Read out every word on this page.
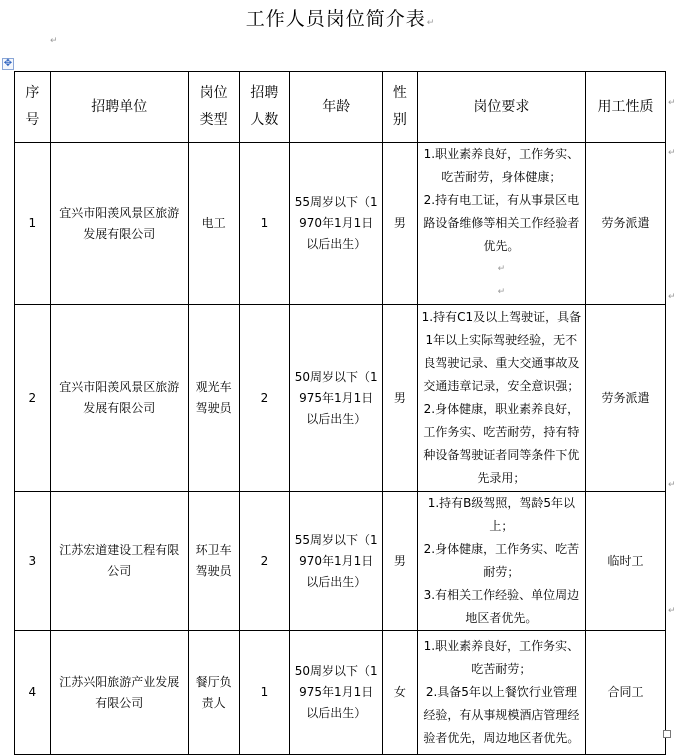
工作人员岗位简介表↵
↵
✥
序
号	招聘单位	岗位
类型	招聘
人数	年龄	性
别	岗位要求	用工性质
1	宜兴市阳羡风景区旅游发展有限公司	电工	1	55周岁以下（1970年1月1日以后出生）	男	1.职业素养良好，工作务实、吃苦耐劳，身体健康；
2.持有电工证，有从事景区电路设备维修等相关工作经验者优先。
↵
↵	劳务派遣
2	宜兴市阳羡风景区旅游发展有限公司	观光车驾驶员	2	50周岁以下（1975年1月1日以后出生）	男	1.持有C1及以上驾驶证，具备1年以上实际驾驶经验，无不良驾驶记录、重大交通事故及交通违章记录，安全意识强；
2.身体健康，职业素养良好，工作务实、吃苦耐劳，持有特种设备驾驶证者同等条件下优先录用；	劳务派遣
3	江苏宏道建设工程有限公司	环卫车驾驶员	2	55周岁以下（1970年1月1日以后出生）	男	1.持有B级驾照，驾龄5年以上；
2.身体健康，工作务实、吃苦耐劳；
3.有相关工作经验、单位周边地区者优先。	临时工
4	江苏兴阳旅游产业发展有限公司	餐厅负责人	1	50周岁以下（1975年1月1日以后出生）	女	1.职业素养良好，工作务实、吃苦耐劳；
2.具备5年以上餐饮行业管理经验，有从事规模酒店管理经验者优先，周边地区者优先。	合同工
↵
↵
↵
↵
↵
